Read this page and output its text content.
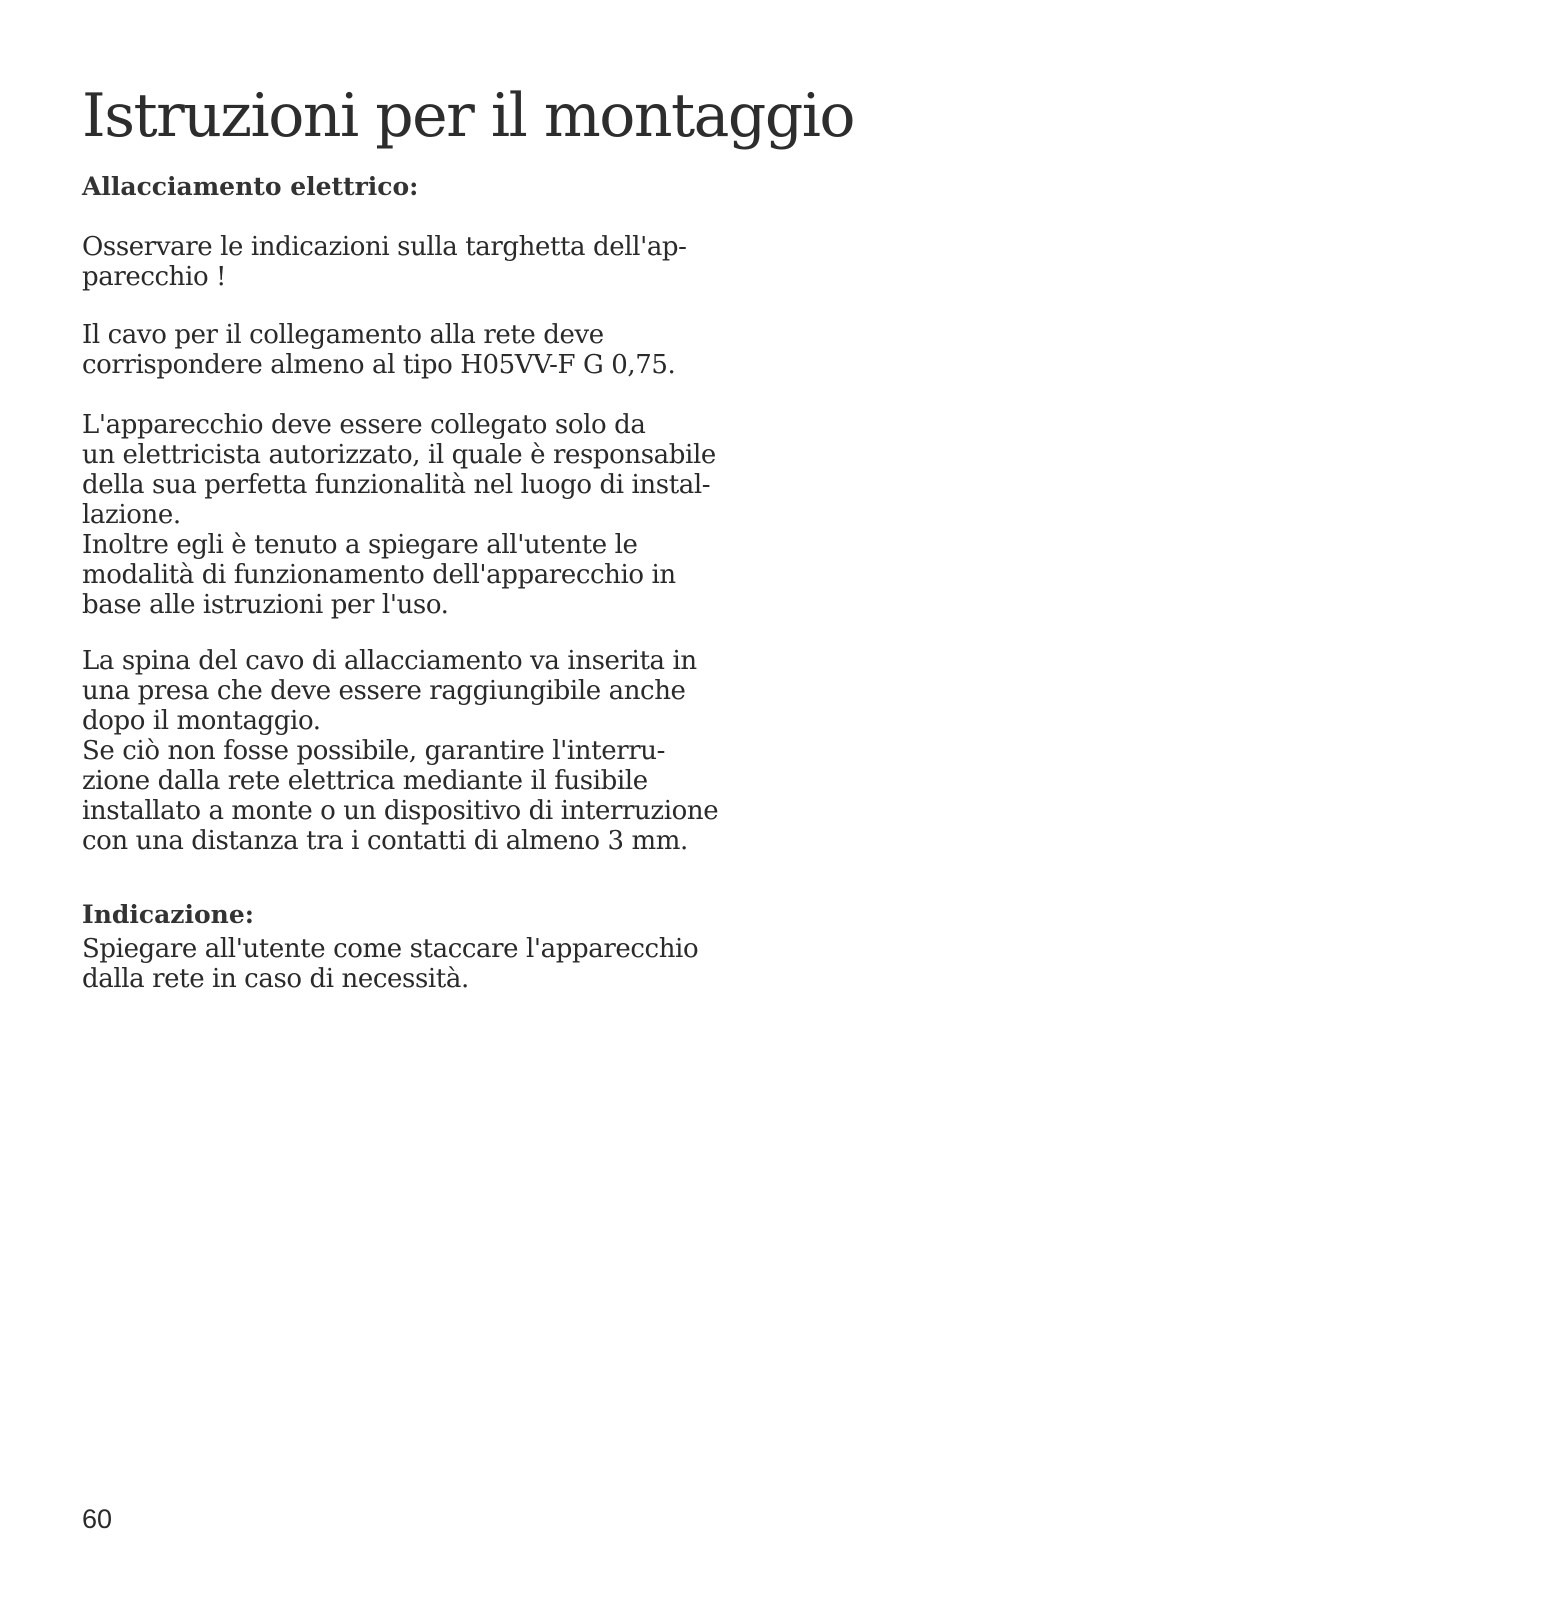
Istruzioni per il montaggio
Allacciamento elettrico:

Osservare le indicazioni sulla targhetta dell'ap-
parecchio !

Il cavo per il collegamento alla rete deve
corrispondere almeno al tipo H05VV-F G 0,75.

L'apparecchio deve essere collegato solo da
un elettricista autorizzato, il quale è responsabile
della sua perfetta funzionalità nel luogo di instal-
lazione.
Inoltre egli è tenuto a spiegare all'utente le
modalità di funzionamento dell'apparecchio in
base alle istruzioni per l'uso.

La spina del cavo di allacciamento va inserita in
una presa che deve essere raggiungibile anche
dopo il montaggio.
Se ciò non fosse possibile, garantire l'interru-
zione dalla rete elettrica mediante il fusibile
installato a monte o un dispositivo di interruzione
con una distanza tra i contatti di almeno 3 mm.

Indicazione:

Spiegare all'utente come staccare l'apparecchio
dalla rete in caso di necessità.

60
